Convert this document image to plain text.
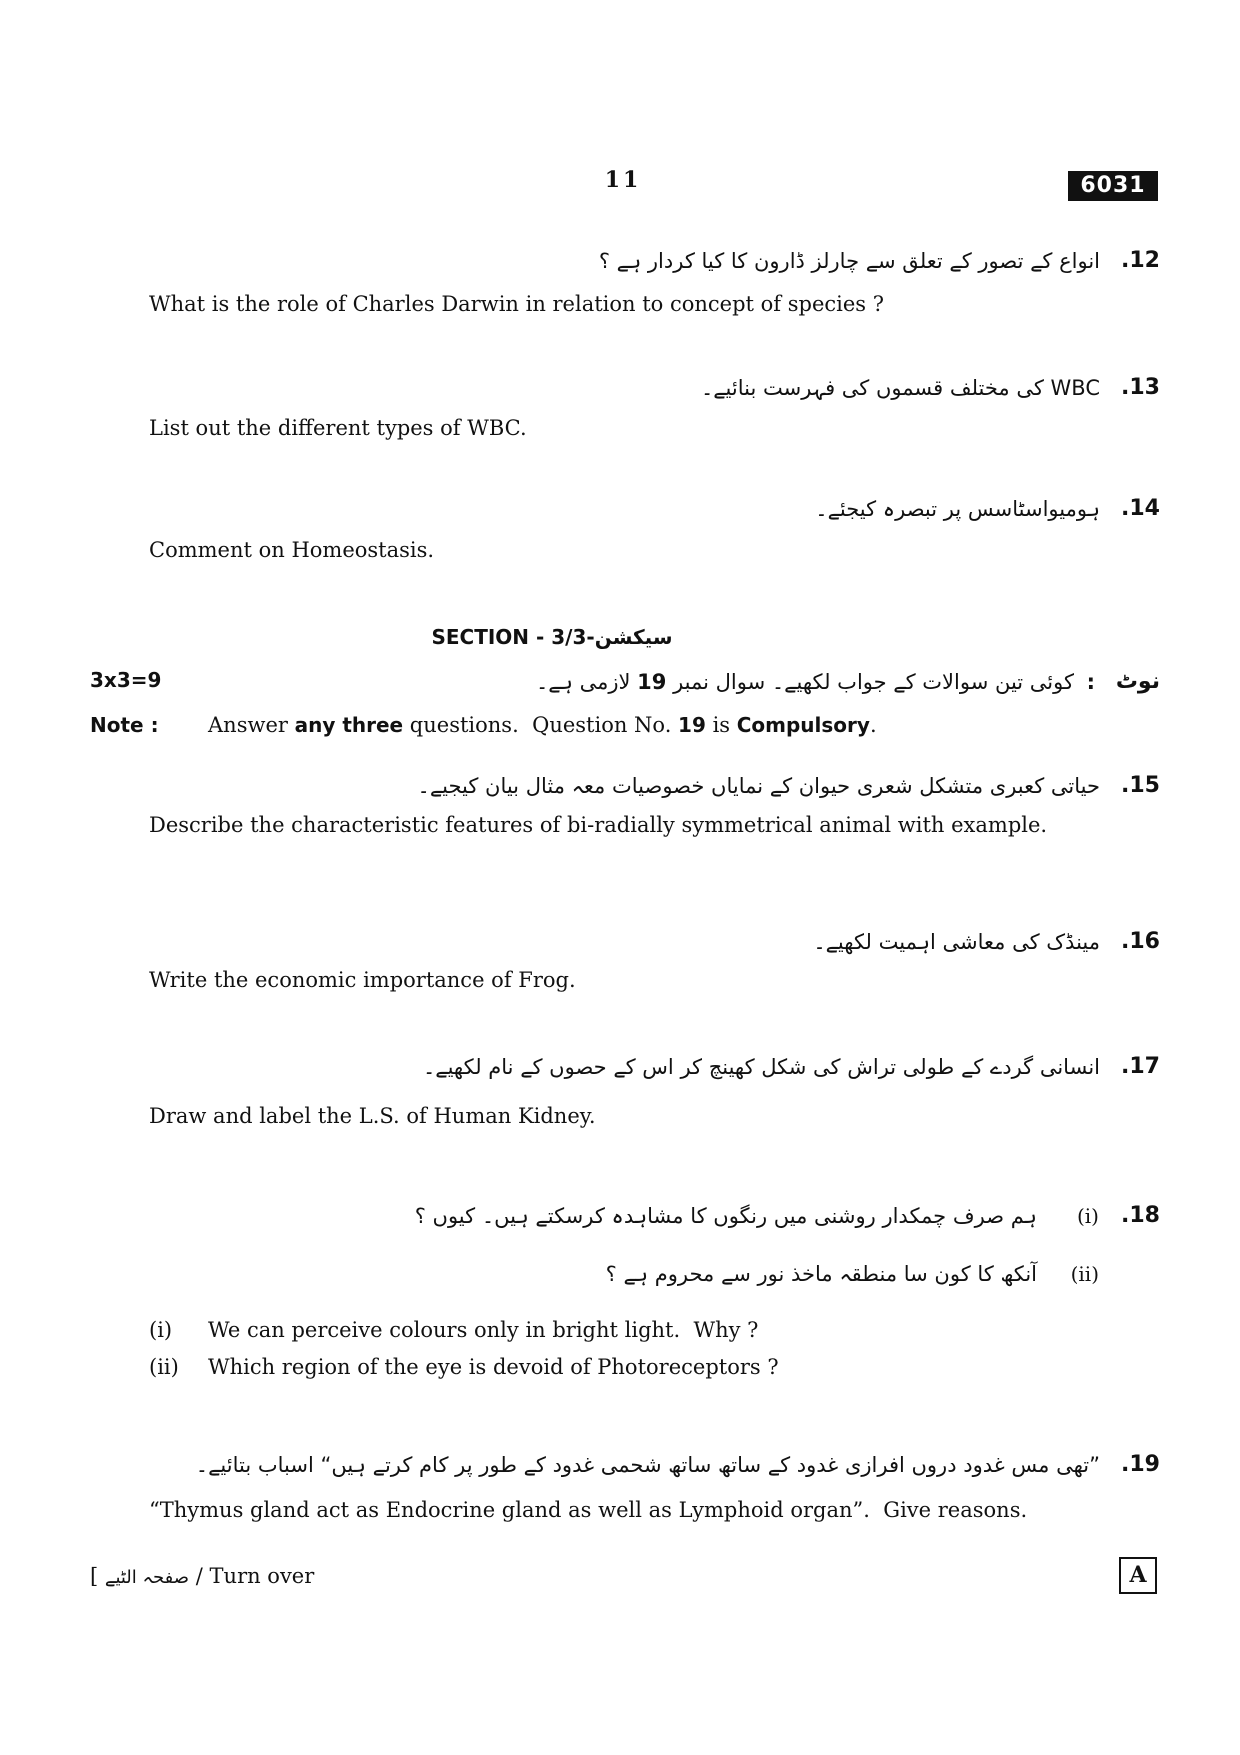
11	6031
.12
انواع کے تصور کے تعلق سے چارلز ڈارون کا کیا کردار ہے ؟
What is the role of Charles Darwin in relation to concept of species ?
.13
WBC کی مختلف قسموں کی فہرست بنائیے۔
List out the different types of WBC.
.14
ہومیواسٹاسس پر تبصرہ کیجئے۔
Comment on Homeostasis.
SECTION - 3/3-سیکشن
3x3=9	نوٹ
:
کوئی تین سوالات کے جواب لکھیے۔ سوال نمبر 19 لازمی ہے۔
Note : Answer any three questions.  Question No. 19 is Compulsory.
.15
حیاتی کعبری متشکل شعری حیوان کے نمایاں خصوصیات معہ مثال بیان کیجیے۔
Describe the characteristic features of bi-radially symmetrical animal with example.
.16
مینڈک کی معاشی اہمیت لکھیے۔
Write the economic importance of Frog.
.17
انسانی گردے کے طولی تراش کی شکل کھینچ کر اس کے حصوں کے نام لکھیے۔
Draw and label the L.S. of Human Kidney.
.18
(i)
ہم صرف چمکدار روشنی میں رنگوں کا مشاہدہ کرسکتے ہیں۔ کیوں ؟
(ii)
آنکھ کا کون سا منطقہ ماخذ نور سے محروم ہے ؟
(i) We can perceive colours only in bright light.  Why ?
(ii) Which region of the eye is devoid of Photoreceptors ?
.19
”تھی مس غدود دروں افرازی غدود کے ساتھ ساتھ شحمی غدود کے طور پر کام کرتے ہیں“ اسباب بتائیے۔
“Thymus gland act as Endocrine gland as well as Lymphoid organ”.  Give reasons.
[ صفحہ الٹیے / Turn over	A
